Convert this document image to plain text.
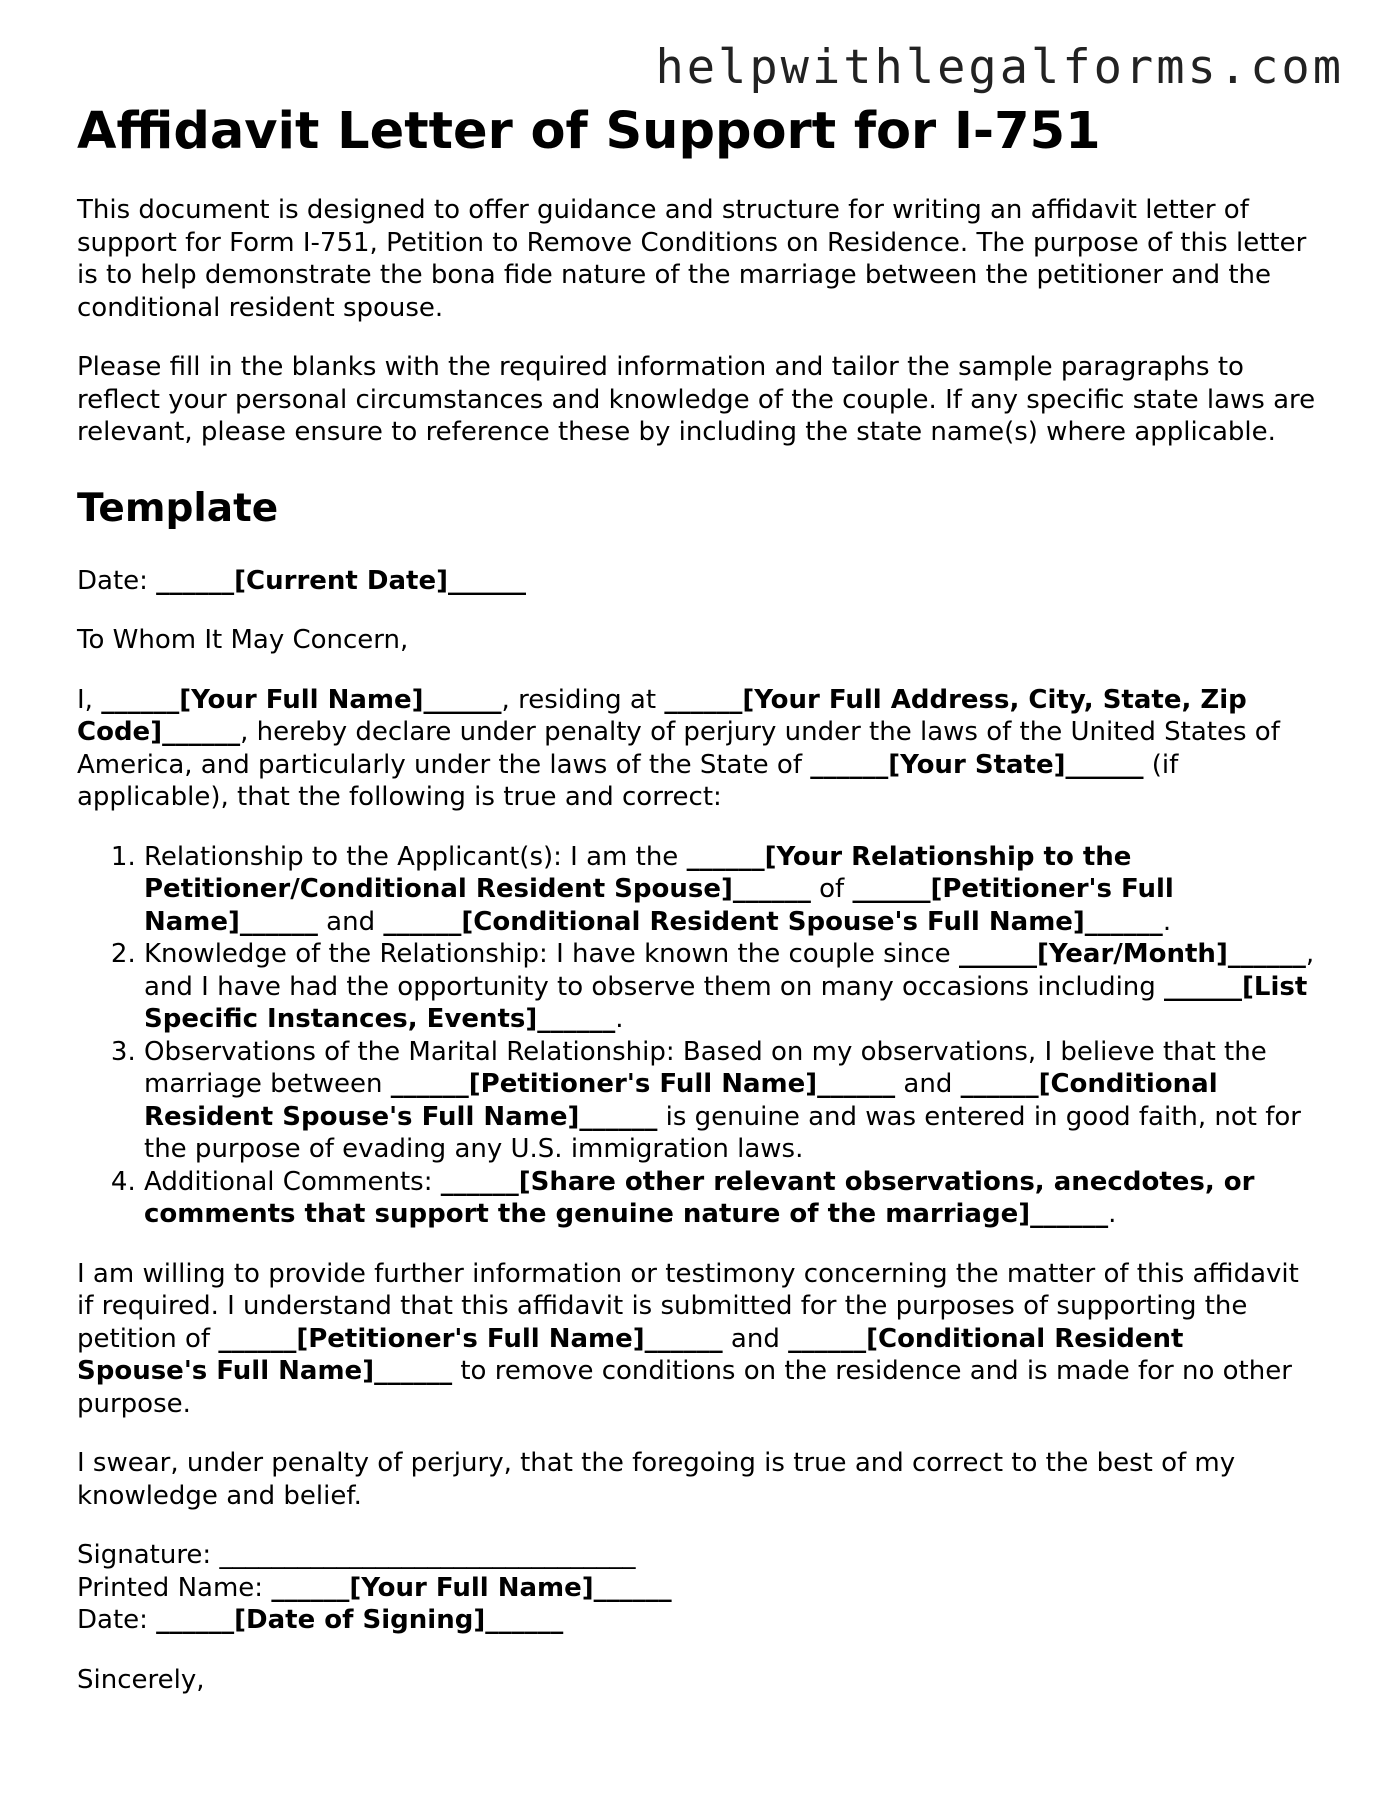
helpwithlegalforms.com
Affidavit Letter of Support for I-751

This document is designed to offer guidance and structure for writing an affidavit letter of support for Form I-751, Petition to Remove Conditions on Residence. The purpose of this letter is to help demonstrate the bona fide nature of the marriage between the petitioner and the conditional resident spouse.

Please fill in the blanks with the required information and tailor the sample paragraphs to reflect your personal circumstances and knowledge of the couple. If any specific state laws are relevant, please ensure to reference these by including the state name(s) where applicable.

Template

Date: ______[Current Date]______

To Whom It May Concern,

I, ______[Your Full Name]______, residing at ______[Your Full Address, City, State, Zip Code]______, hereby declare under penalty of perjury under the laws of the United States of America, and particularly under the laws of the State of ______[Your State]______ (if applicable), that the following is true and correct:

1. Relationship to the Applicant(s): I am the ______[Your Relationship to the Petitioner/Conditional Resident Spouse]______ of ______[Petitioner's Full Name]______ and ______[Conditional Resident Spouse's Full Name]______.
2. Knowledge of the Relationship: I have known the couple since ______[Year/Month]______, and I have had the opportunity to observe them on many occasions including ______[List Specific Instances, Events]______.
3. Observations of the Marital Relationship: Based on my observations, I believe that the marriage between ______[Petitioner's Full Name]______ and ______[Conditional Resident Spouse's Full Name]______ is genuine and was entered in good faith, not for the purpose of evading any U.S. immigration laws.
4. Additional Comments: ______[Share other relevant observations, anecdotes, or comments that support the genuine nature of the marriage]______.

I am willing to provide further information or testimony concerning the matter of this affidavit if required. I understand that this affidavit is submitted for the purposes of supporting the petition of ______[Petitioner's Full Name]______ and ______[Conditional Resident Spouse's Full Name]______ to remove conditions on the residence and is made for no other purpose.

I swear, under penalty of perjury, that the foregoing is true and correct to the best of my knowledge and belief.

Signature: ________________________________
Printed Name: ______[Your Full Name]______
Date: ______[Date of Signing]______

Sincerely,
